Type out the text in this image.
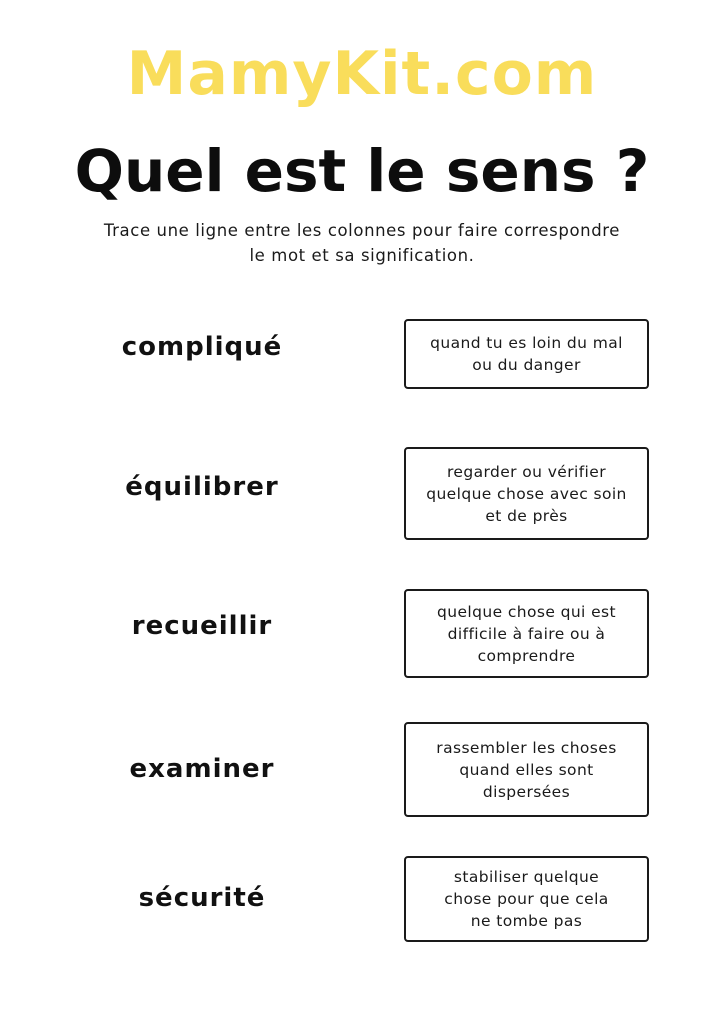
MamyKit.com
Quel est le sens ?
Trace une ligne entre les colonnes pour faire correspondre
le mot et sa signification.
compliqué
équilibrer
recueillir
examiner
sécurité
quand tu es loin du mal
ou du danger
regarder ou vérifier
quelque chose avec soin
et de près
quelque chose qui est
difficile à faire ou à
comprendre
rassembler les choses
quand elles sont
dispersées
stabiliser quelque
chose pour que cela
ne tombe pas
